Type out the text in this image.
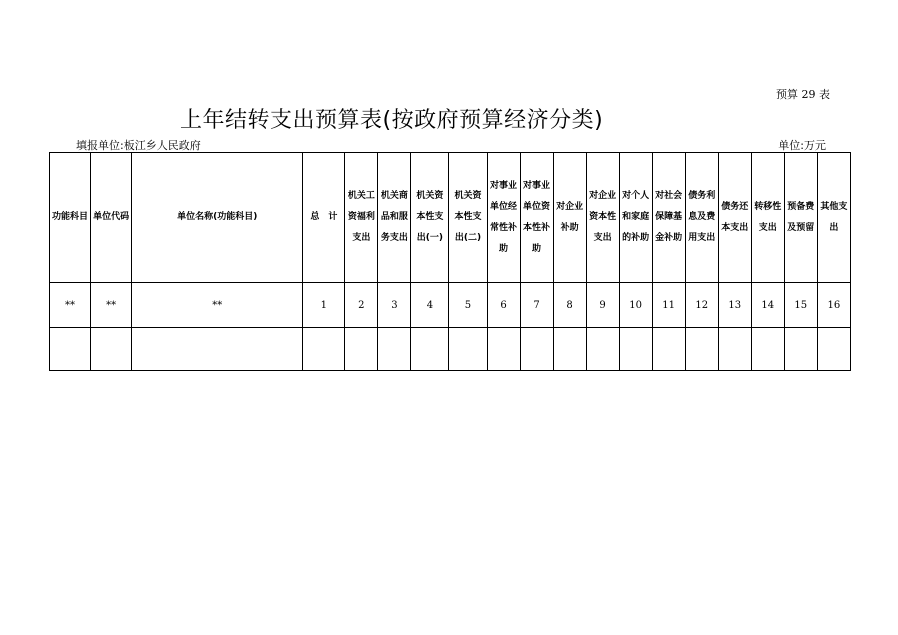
预算 29 表
上年结转支出预算表(按政府预算经济分类)
填报单位:板江乡人民政府	单位:万元
功能科目	单位代码	单位名称(功能科目)	总　计	机关工资福利支出	机关商品和服务支出	机关资本性支出(一)	机关资本性支出(二)	对事业单位经常性补助	对事业单位资本性补助	对企业补助	对企业资本性支出	对个人和家庭的补助	对社会保障基金补助	债务利息及费用支出	债务还本支出	转移性支出	预备费及预留	其他支出
**	**	**	1	2	3	4	5	6	7	8	9	10	11	12	13	14	15	16
